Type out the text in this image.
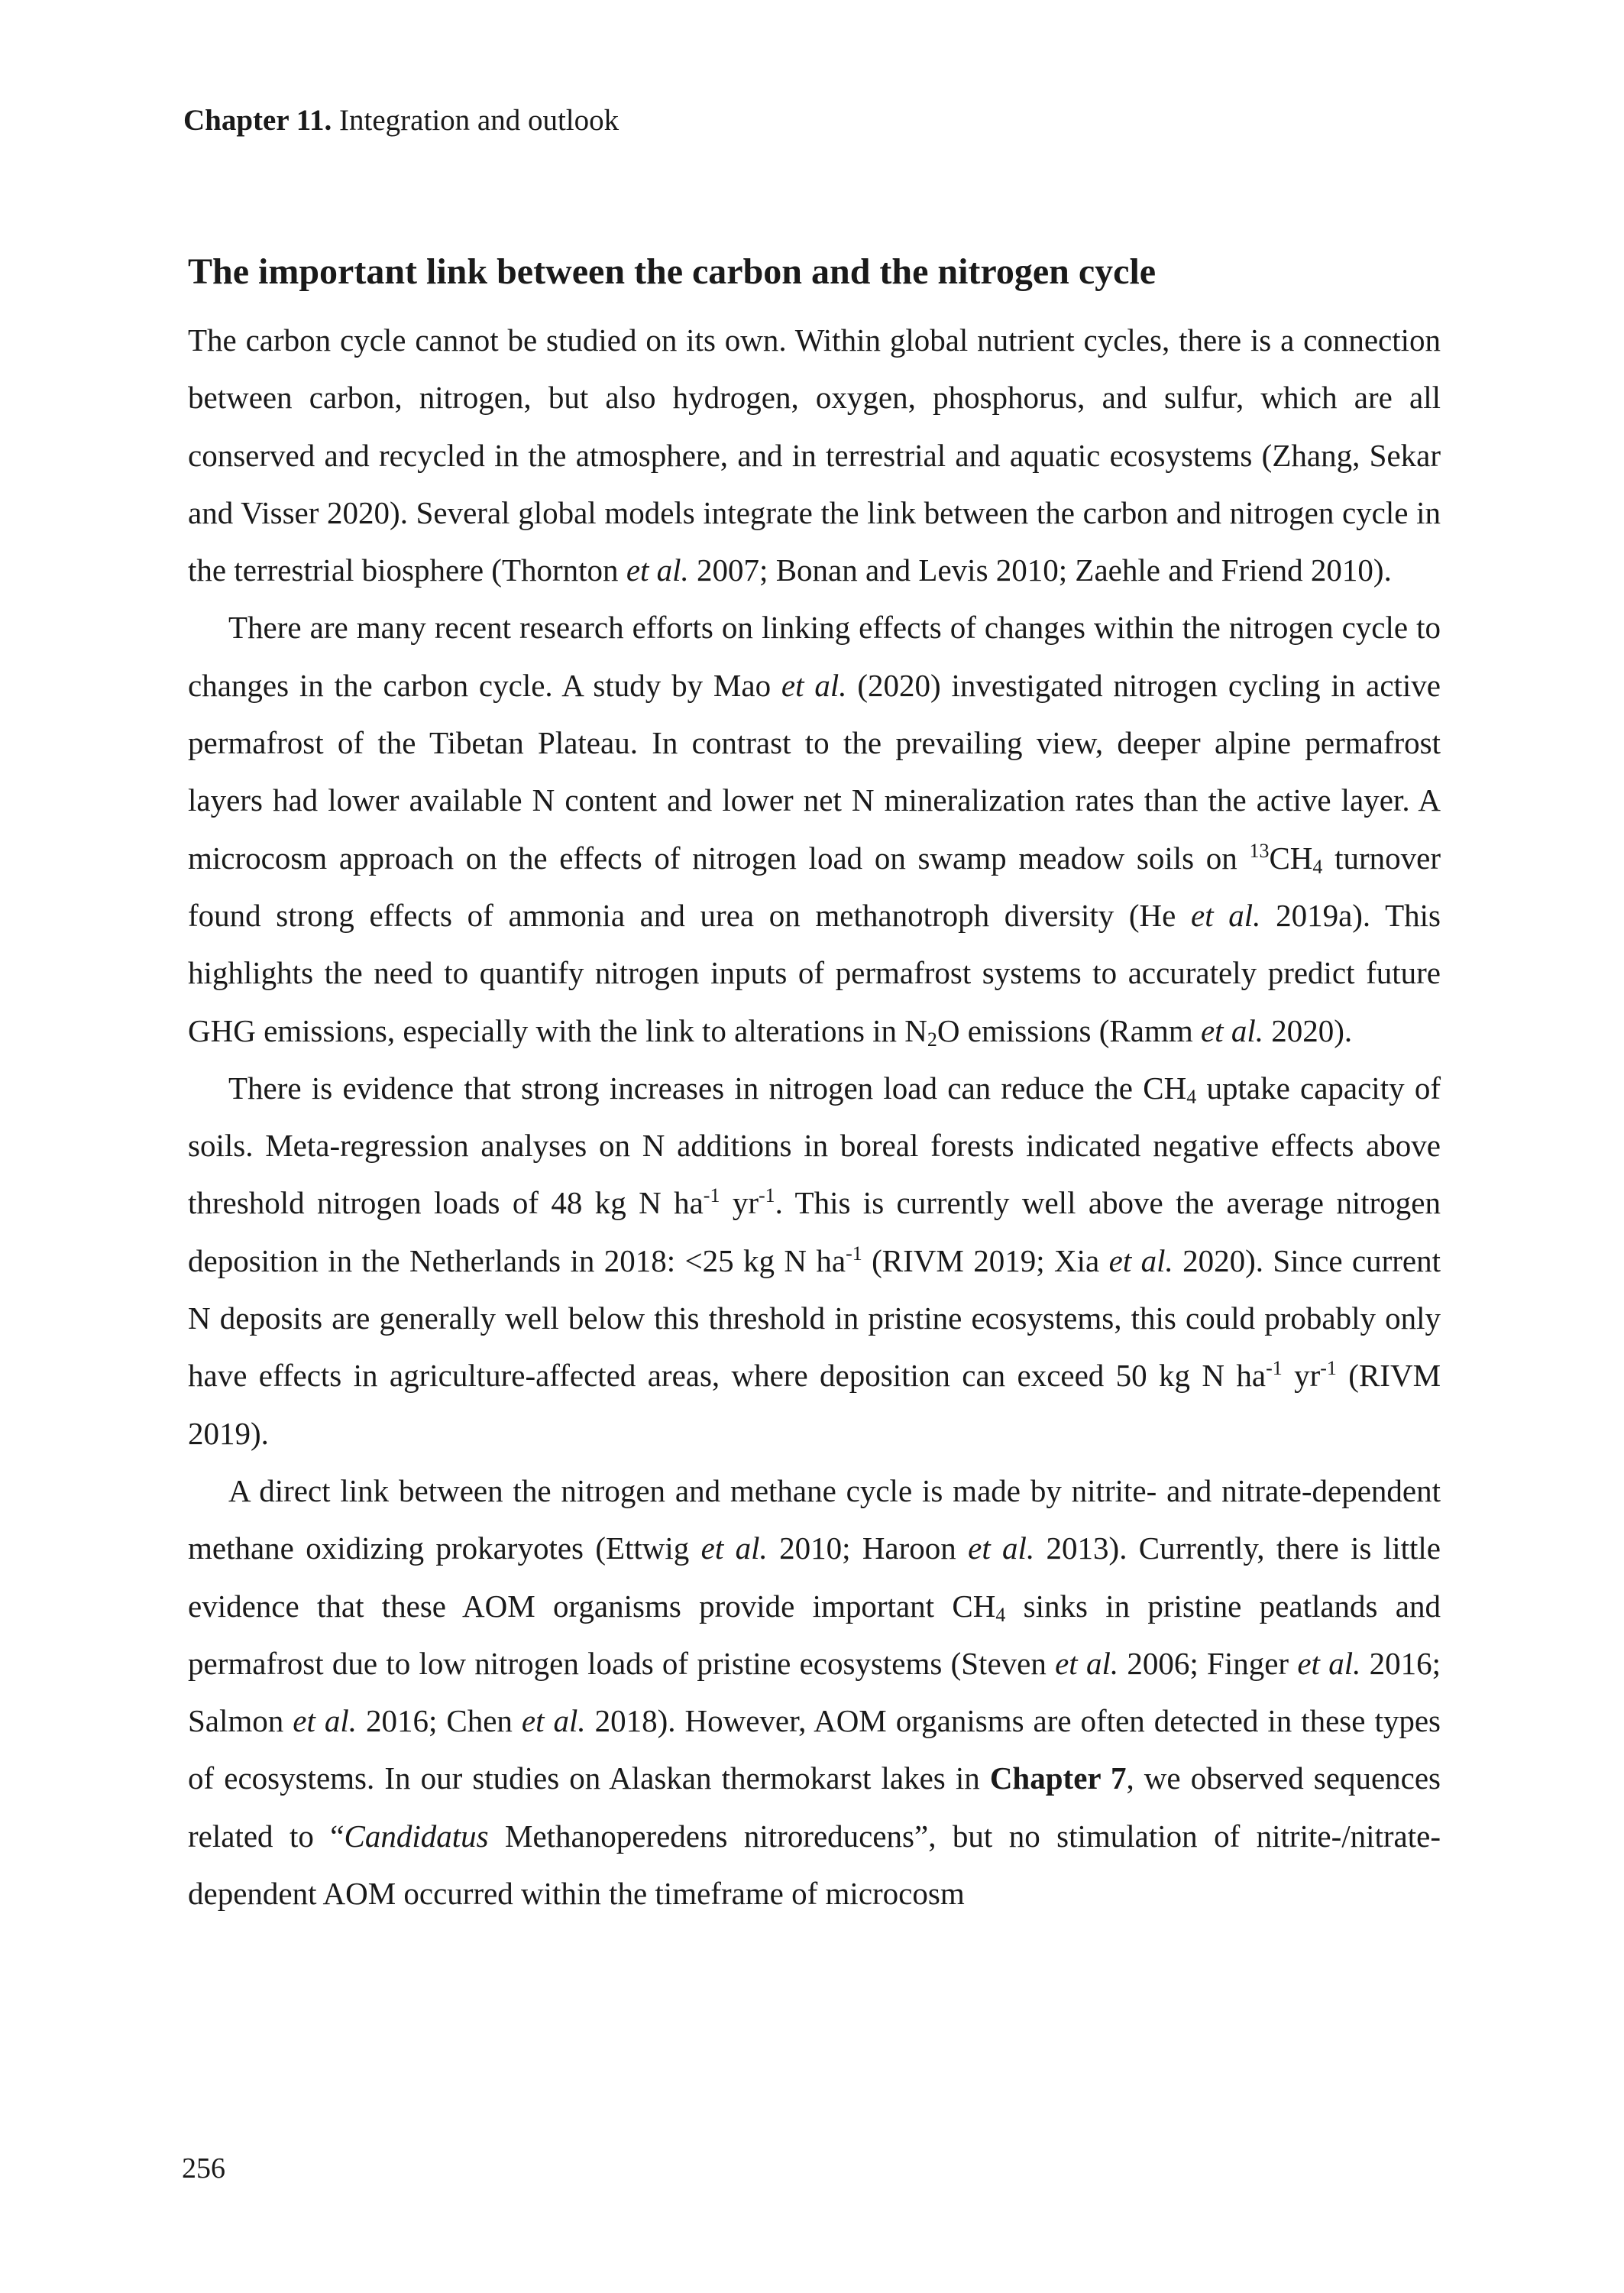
Chapter 11. Integration and outlook
The important link between the carbon and the nitrogen cycle

The carbon cycle cannot be studied on its own. Within global nutrient cycles, there is a connection between carbon, nitrogen, but also hydrogen, oxygen, phosphorus, and sulfur, which are all conserved and recycled in the atmosphere, and in terrestrial and aquatic ecosystems (Zhang, Sekar and Visser 2020). Several global models integrate the link between the carbon and nitrogen cycle in the terrestrial biosphere (Thornton et al. 2007; Bonan and Levis 2010; Zaehle and Friend 2010).

There are many recent research efforts on linking effects of changes within the nitrogen cycle to changes in the carbon cycle. A study by Mao et al. (2020) investigated nitrogen cycling in active permafrost of the Tibetan Plateau. In contrast to the prevailing view, deeper alpine permafrost layers had lower available N content and lower net N mineralization rates than the active layer. A microcosm approach on the effects of nitrogen load on swamp meadow soils on $^{13}CH_4$ turnover found strong effects of ammonia and urea on methanotroph diversity (He et al. 2019a). This highlights the need to quantify nitrogen inputs of permafrost systems to accurately predict future GHG emissions, especially with the link to alterations in $N_2O$ emissions (Ramm et al. 2020).

There is evidence that strong increases in nitrogen load can reduce the $CH_4$ uptake capacity of soils. Meta-regression analyses on N additions in boreal forests indicated negative effects above threshold nitrogen loads of 48 kg N $ha^{-1}$ $yr^{-1}$. This is currently well above the average nitrogen deposition in the Netherlands in 2018: <25 kg N $ha^{-1}$ (RIVM 2019; Xia et al. 2020). Since current N deposits are generally well below this threshold in pristine ecosystems, this could probably only have effects in agriculture-affected areas, where deposition can exceed 50 kg N $ha^{-1}$ $yr^{-1}$ (RIVM 2019).

A direct link between the nitrogen and methane cycle is made by nitrite- and nitrate-dependent methane oxidizing prokaryotes (Ettwig et al. 2010; Haroon et al. 2013). Currently, there is little evidence that these AOM organisms provide important $CH_4$ sinks in pristine peatlands and permafrost due to low nitrogen loads of pristine ecosystems (Steven et al. 2006; Finger et al. 2016; Salmon et al. 2016; Chen et al. 2018). However, AOM organisms are often detected in these types of ecosystems. In our studies on Alaskan thermokarst lakes in Chapter 7, we observed sequences related to “Candidatus Methanoperedens nitroreducens”, but no stimulation of nitrite-/nitrate-dependent AOM occurred within the timeframe of microcosm

256
